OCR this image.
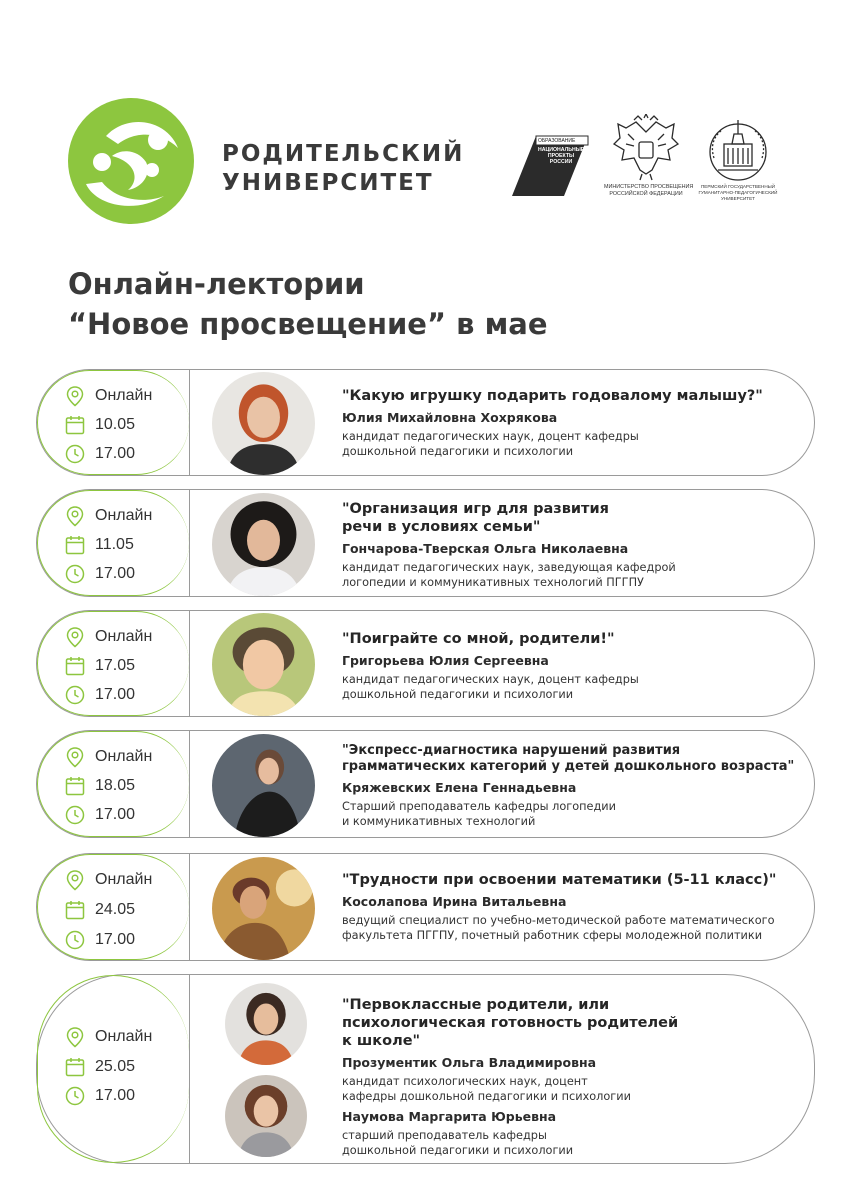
РОДИТЕЛЬСКИЙ
УНИВЕРСИТЕТ
ОБРАЗОВАНИЕ
НАЦИОНАЛЬНЫЕ
ПРОЕКТЫ
РОССИИ
МИНИСТЕРСТВО ПРОСВЕЩЕНИЯ
РОССИЙСКОЙ ФЕДЕРАЦИИ
ПЕРМСКИЙ ГОСУДАРСТВЕННЫЙ
ГУМАНИТАРНО-ПЕДАГОГИЧЕСКИЙ
УНИВЕРСИТЕТ
Онлайн-лектории
“Новое просвещение” в мае
Онлайн
10.05
17.00
"Какую игрушку подарить годовалому малышу?"
Юлия Михайловна Хохрякова
кандидат педагогических наук, доцент кафедры
дошкольной педагогики и психологии
Онлайн
11.05
17.00
"Организация игр для развития
речи в условиях семьи"
Гончарова-Тверская Ольга Николаевна
кандидат педагогических наук, заведующая кафедрой
логопедии и коммуникативных технологий ПГГПУ
Онлайн
17.05
17.00
"Поиграйте со мной, родители!"
Григорьева Юлия Сергеевна
кандидат педагогических наук, доцент кафедры
дошкольной педагогики и психологии
Онлайн
18.05
17.00
"Экспресс-диагностика нарушений развития
грамматических категорий у детей дошкольного возраста"
Кряжевских Елена Геннадьевна
Старший преподаватель кафедры логопедии
и коммуникативных технологий
Онлайн
24.05
17.00
"Трудности при освоении математики (5-11 класс)"
Косолапова Ирина Витальевна
ведущий специалист по учебно-методической работе математического
факультета ПГГПУ, почетный работник сферы молодежной политики
Онлайн
25.05
17.00
"Первоклассные родители, или
психологическая готовность родителей
к школе"
Прозументик Ольга Владимировна
кандидат психологических наук, доцент
кафедры дошкольной педагогики и психологии
Наумова Маргарита Юрьевна
старший преподаватель кафедры
дошкольной педагогики и психологии
